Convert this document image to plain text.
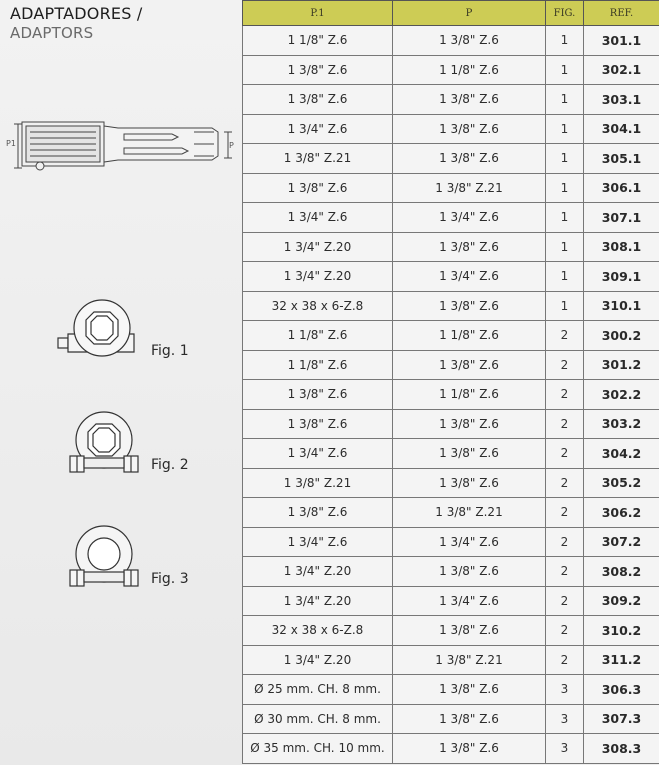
ADAPTADORES /
ADAPTORS
P1	P
Fig. 1
Fig. 2
Fig. 3
P.1	P	FIG.	REF.
1 1/8" Z.6	1 3/8" Z.6	1	301.1
1 3/8" Z.6	1 1/8" Z.6	1	302.1
1 3/8" Z.6	1 3/8" Z.6	1	303.1
1 3/4" Z.6	1 3/8" Z.6	1	304.1
1 3/8" Z.21	1 3/8" Z.6	1	305.1
1 3/8" Z.6	1 3/8" Z.21	1	306.1
1 3/4" Z.6	1 3/4" Z.6	1	307.1
1 3/4" Z.20	1 3/8" Z.6	1	308.1
1 3/4" Z.20	1 3/4" Z.6	1	309.1
32 x 38 x 6-Z.8	1 3/8" Z.6	1	310.1
1 1/8" Z.6	1 1/8" Z.6	2	300.2
1 1/8" Z.6	1 3/8" Z.6	2	301.2
1 3/8" Z.6	1 1/8" Z.6	2	302.2
1 3/8" Z.6	1 3/8" Z.6	2	303.2
1 3/4" Z.6	1 3/8" Z.6	2	304.2
1 3/8" Z.21	1 3/8" Z.6	2	305.2
1 3/8" Z.6	1 3/8" Z.21	2	306.2
1 3/4" Z.6	1 3/4" Z.6	2	307.2
1 3/4" Z.20	1 3/8" Z.6	2	308.2
1 3/4" Z.20	1 3/4" Z.6	2	309.2
32 x 38 x 6-Z.8	1 3/8" Z.6	2	310.2
1 3/4" Z.20	1 3/8" Z.21	2	311.2
Ø 25 mm. CH. 8 mm.	1 3/8" Z.6	3	306.3
Ø 30 mm. CH. 8 mm.	1 3/8" Z.6	3	307.3
Ø 35 mm. CH. 10 mm.	1 3/8" Z.6	3	308.3
